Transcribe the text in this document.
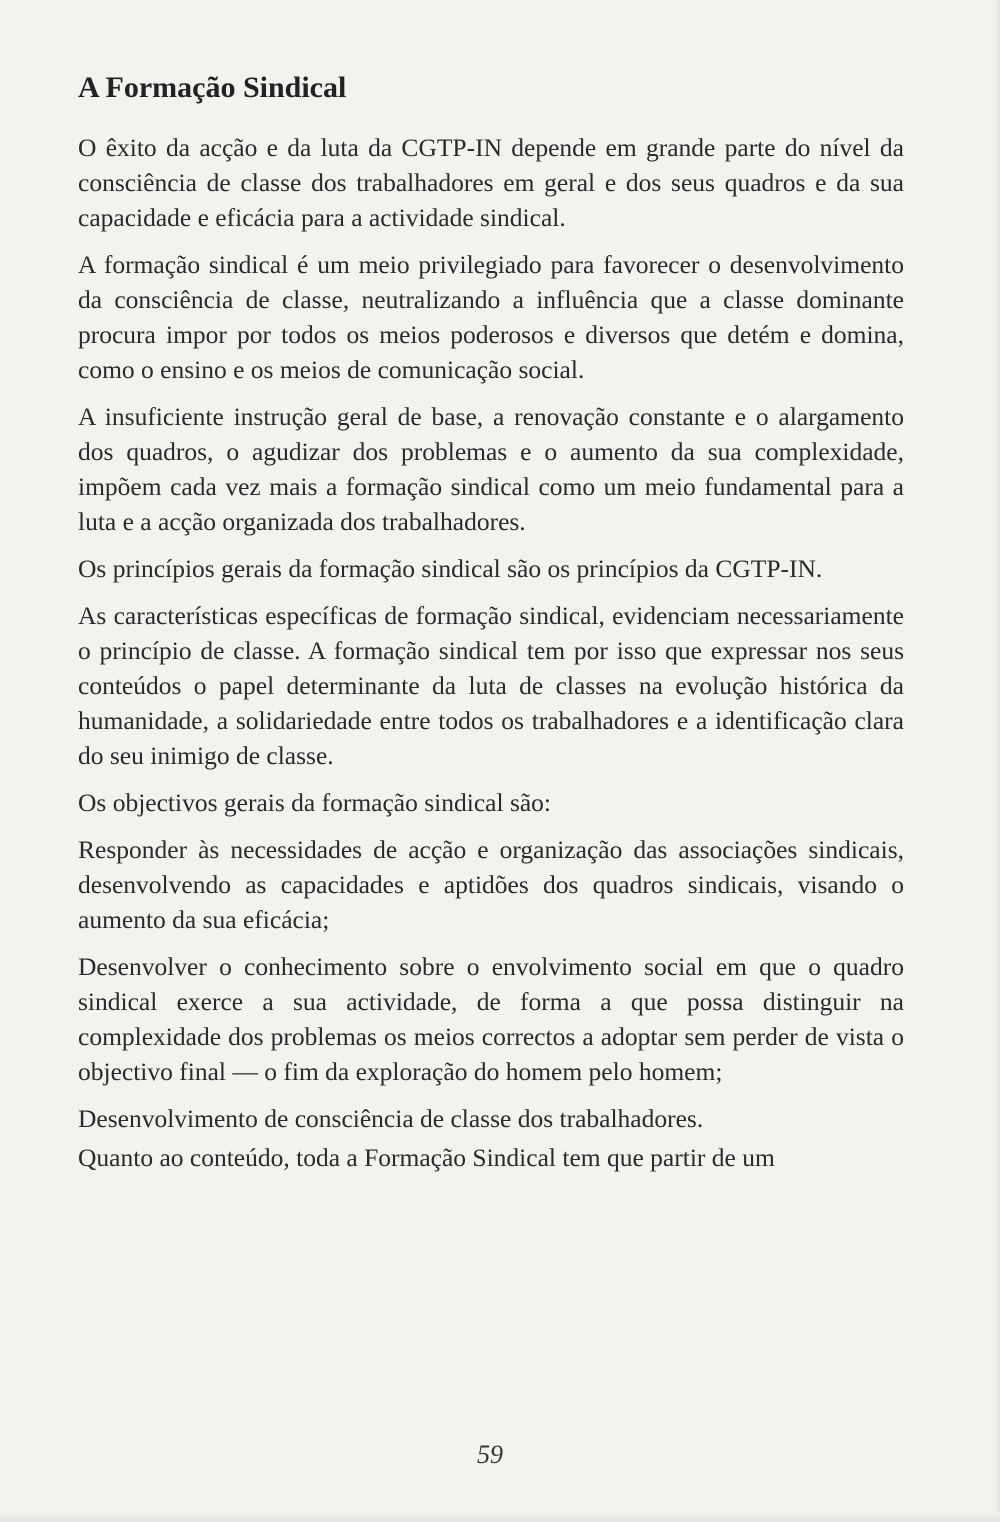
A Formação Sindical

O êxito da acção e da luta da CGTP-IN depende em grande parte do nível da consciência de classe dos trabalhadores em geral e dos seus quadros e da sua capacidade e eficácia para a actividade sindical.

A formação sindical é um meio privilegiado para favorecer o desenvolvimento da consciência de classe, neutralizando a influência que a classe dominante procura impor por todos os meios poderosos e diversos que detém e domina, como o ensino e os meios de comunicação social.

A insuficiente instrução geral de base, a renovação constante e o alargamento dos quadros, o agudizar dos problemas e o aumento da sua complexidade, impõem cada vez mais a formação sindical como um meio fundamental para a luta e a acção organizada dos trabalhadores.

Os princípios gerais da formação sindical são os princípios da CGTP-IN.

As características específicas de formação sindical, evidenciam necessariamente o princípio de classe. A formação sindical tem por isso que expressar nos seus conteúdos o papel determinante da luta de classes na evolução histórica da humanidade, a solidariedade entre todos os trabalhadores e a identificação clara do seu inimigo de classe.

Os objectivos gerais da formação sindical são:

Responder às necessidades de acção e organização das associações sindicais, desenvolvendo as capacidades e aptidões dos quadros sindicais, visando o aumento da sua eficácia;

Desenvolver o conhecimento sobre o envolvimento social em que o quadro sindical exerce a sua actividade, de forma a que possa distinguir na complexidade dos problemas os meios correctos a adoptar sem perder de vista o objectivo final — o fim da exploração do homem pelo homem;

Desenvolvimento de consciência de classe dos trabalhadores.

Quanto ao conteúdo, toda a Formação Sindical tem que partir de um

59
